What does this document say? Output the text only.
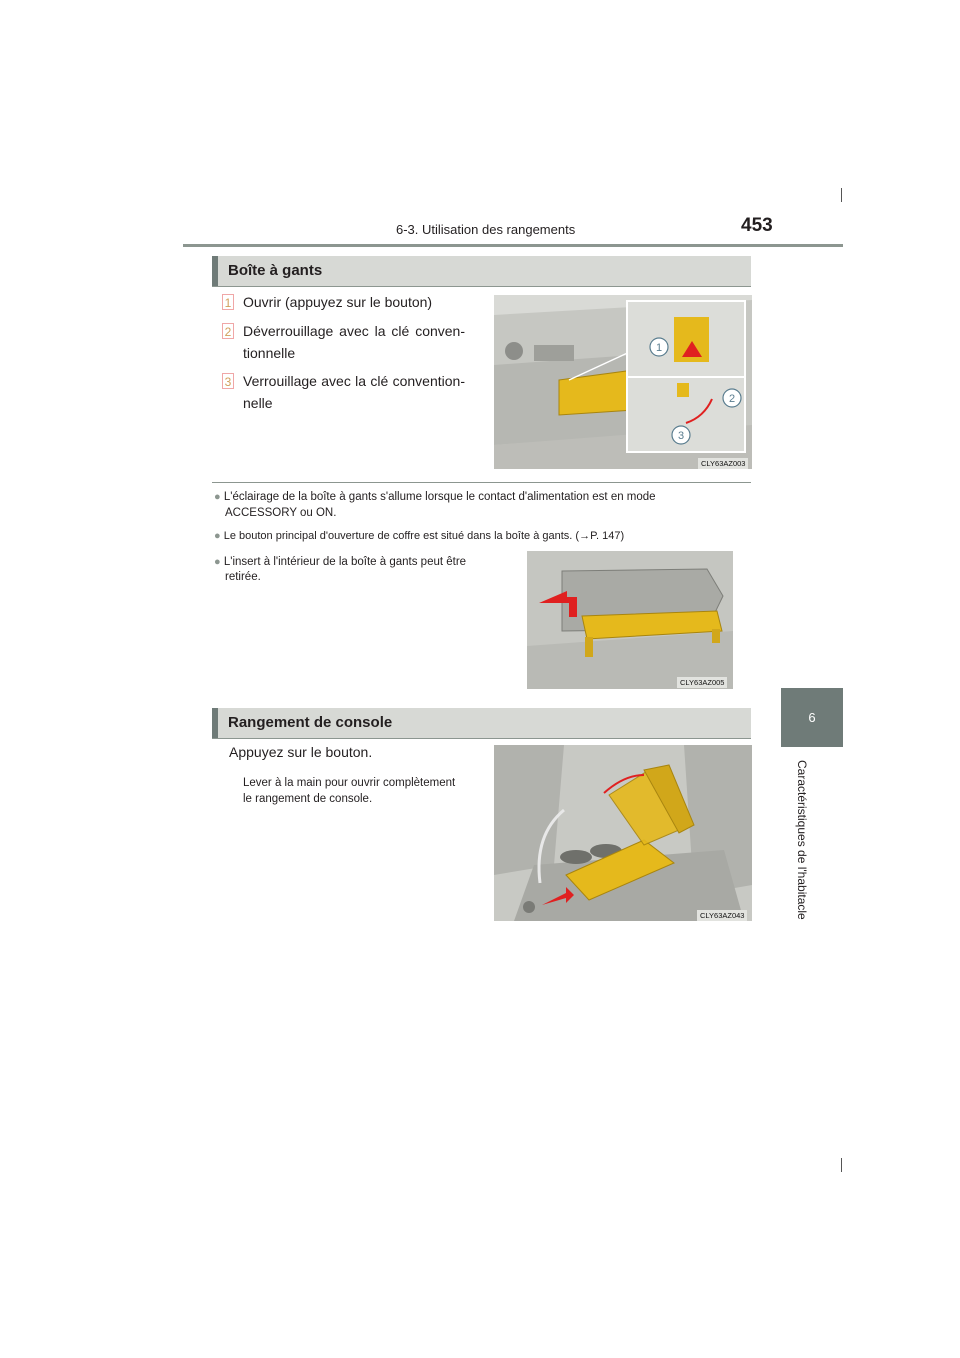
6-3. Utilisation des rangements	453
6
Caractéristiques de l'habitacle
Boîte à gants
1 Ouvrir (appuyez sur le bouton)
2 Déverrouillage avec la clé conven-
tionnelle
3 Verrouillage avec la clé convention-
nelle
1
2
3
CLY63AZ003
● L'éclairage de la boîte à gants s'allume lorsque le contact d'alimentation est en mode
ACCESSORY ou ON.
● Le bouton principal d'ouverture de coffre est situé dans la boîte à gants. (→P. 147)
● L'insert à l'intérieur de la boîte à gants peut être
retirée.
CLY63AZ005
Rangement de console
Appuyez sur le bouton.
Lever à la main pour ouvrir complètement
le rangement de console.
CLY63AZ043
